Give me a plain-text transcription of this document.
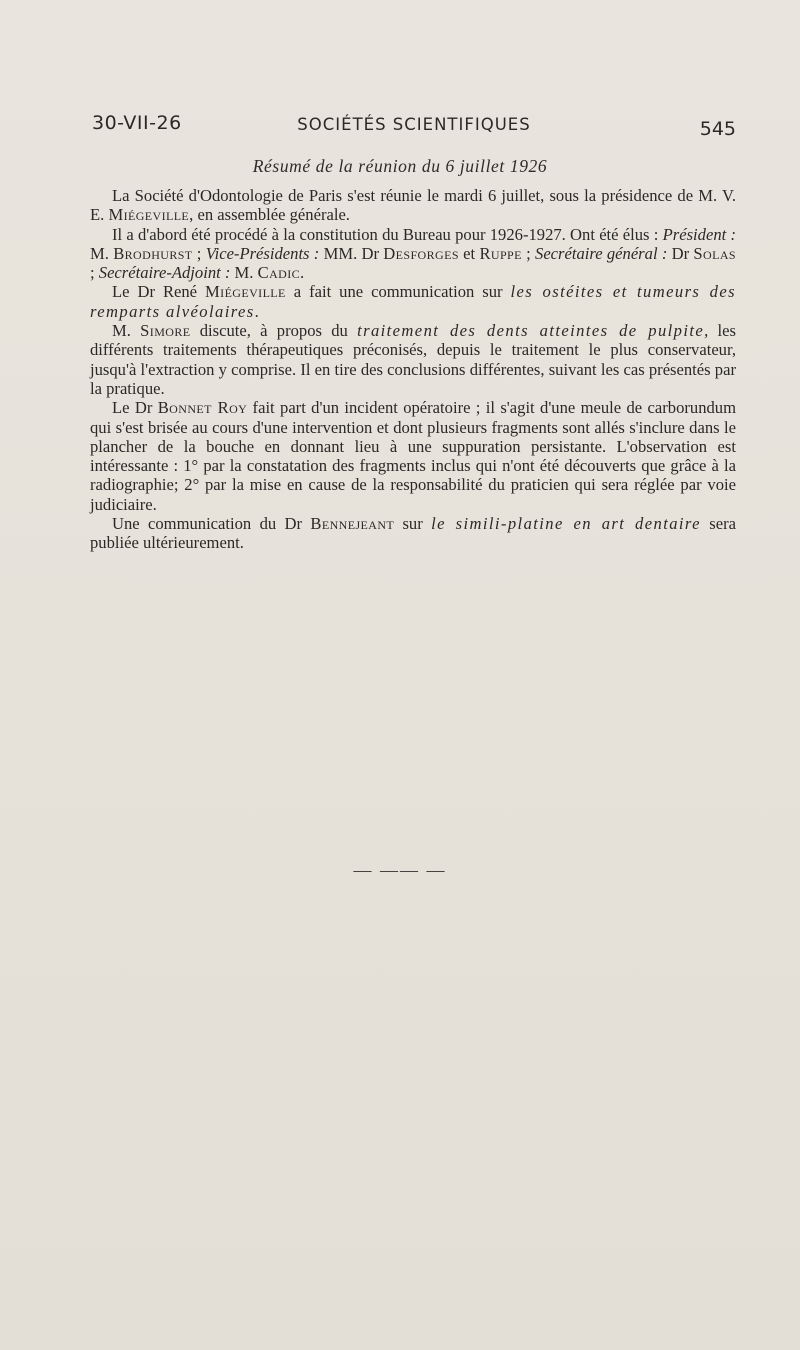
30-VII-26	SOCIÉTÉS SCIENTIFIQUES	545
Résumé de la réunion du 6 juillet 1926

La Société d'Odontologie de Paris s'est réunie le mardi 6 juillet, sous la présidence de M. V. E. Miégeville, en assemblée générale.

Il a d'abord été procédé à la constitution du Bureau pour 1926-1927. Ont été élus : Président : M. Brodhurst ; Vice-Présidents : MM. Dr Desforges et Ruppe ; Secrétaire général : Dr Solas ; Secrétaire-Adjoint : M. Cadic.

Le Dr René Miégeville a fait une communication sur les ostéites et tumeurs des remparts alvéolaires.

M. Simore discute, à propos du traitement des dents atteintes de pulpite, les différents traitements thérapeutiques préconisés, depuis le traitement le plus conservateur, jusqu'à l'extraction y comprise. Il en tire des conclusions différentes, suivant les cas présentés par la pratique.

Le Dr Bonnet Roy fait part d'un incident opératoire ; il s'agit d'une meule de carborundum qui s'est brisée au cours d'une intervention et dont plusieurs fragments sont allés s'inclure dans le plancher de la bouche en donnant lieu à une suppuration persistante. L'observation est intéressante : 1° par la constatation des fragments inclus qui n'ont été découverts que grâce à la radiographie; 2° par la mise en cause de la responsabilité du praticien qui sera réglée par voie judiciaire.

Une communication du Dr Bennejeant sur le simili-platine en art dentaire sera publiée ultérieurement.

— —— —
